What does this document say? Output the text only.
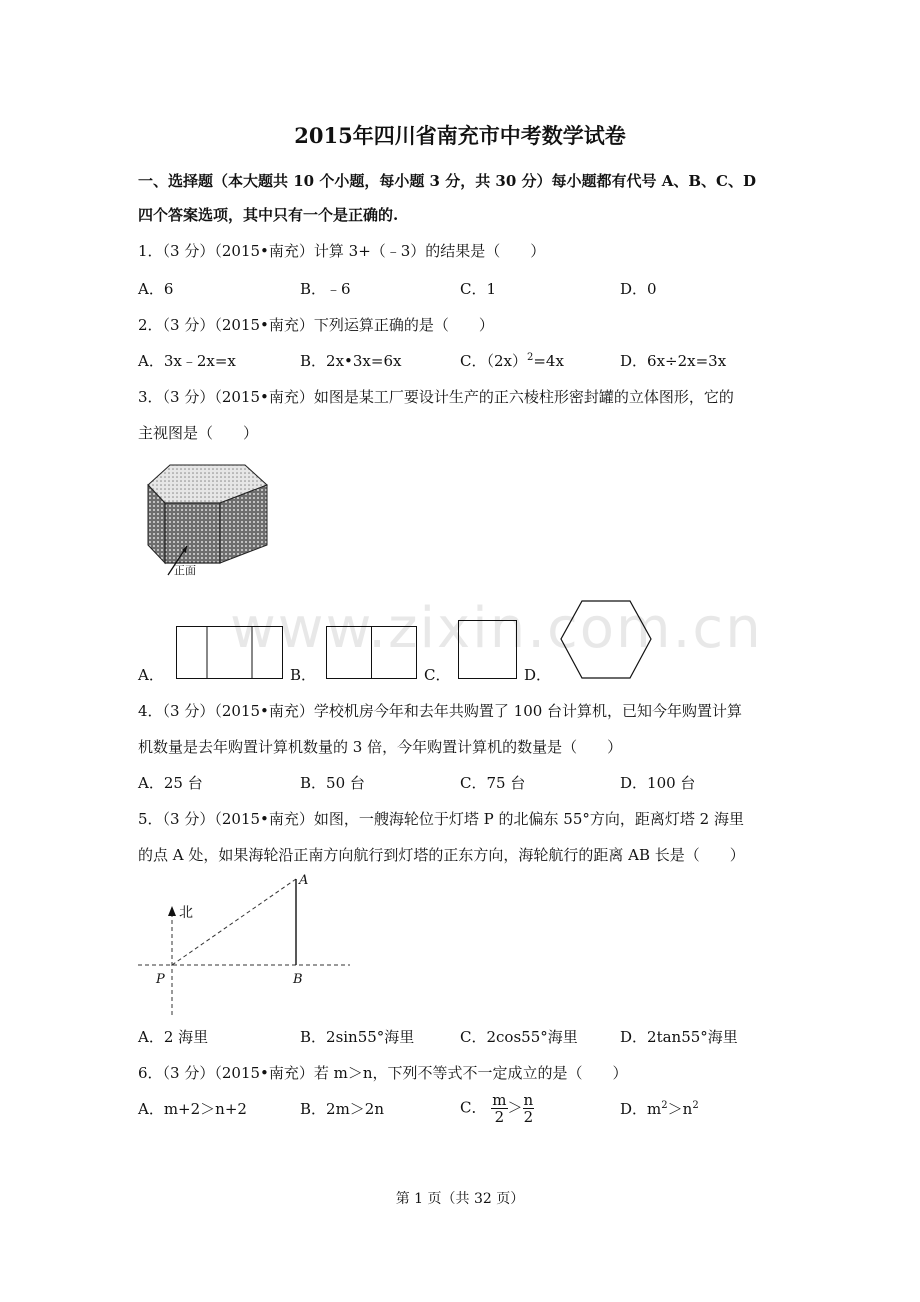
2015年四川省南充市中考数学试卷
一、选择题（本大题共 10 个小题，每小题 3 分，共 30 分）每小题都有代号 A、B、C、D
四个答案选项，其中只有一个是正确的.
1．（3 分）（2015•南充）计算 3+（﹣3）的结果是（　　）
A．6	B．﹣6	C．1	D．0
2．（3 分）（2015•南充）下列运算正确的是（　　）
A．3x﹣2x=x	B．2x•3x=6x	C．$(2x)^2=4x$	D．6x÷2x=3x
3．（3 分）（2015•南充）如图是某工厂要设计生产的正六棱柱形密封罐的立体图形，它的
主视图是（　　）
正面
A．	B．	C．	D．
www.zixin.com.cn
4．（3 分）（2015•南充）学校机房今年和去年共购置了 100 台计算机，已知今年购置计算
机数量是去年购置计算机数量的 3 倍，今年购置计算机的数量是（　　）
A．25 台	B．50 台	C．75 台	D．100 台
5．（3 分）（2015•南充）如图，一艘海轮位于灯塔 P 的北偏东 55°方向，距离灯塔 2 海里
的点 A 处，如果海轮沿正南方向航行到灯塔的正东方向，海轮航行的距离 AB 长是（　　）
北
A
B
P
A．2 海里	B．2sin55°海里	C．2cos55°海里	D．2tan55°海里
6．（3 分）（2015•南充）若 m＞n，下列不等式不一定成立的是（　　）
A．m+2＞n+2	B．2m＞2n	C． $\frac{m}{2} > \frac{n}{2}$	D．$m^2>n^2$
第 1 页（共 32 页）
